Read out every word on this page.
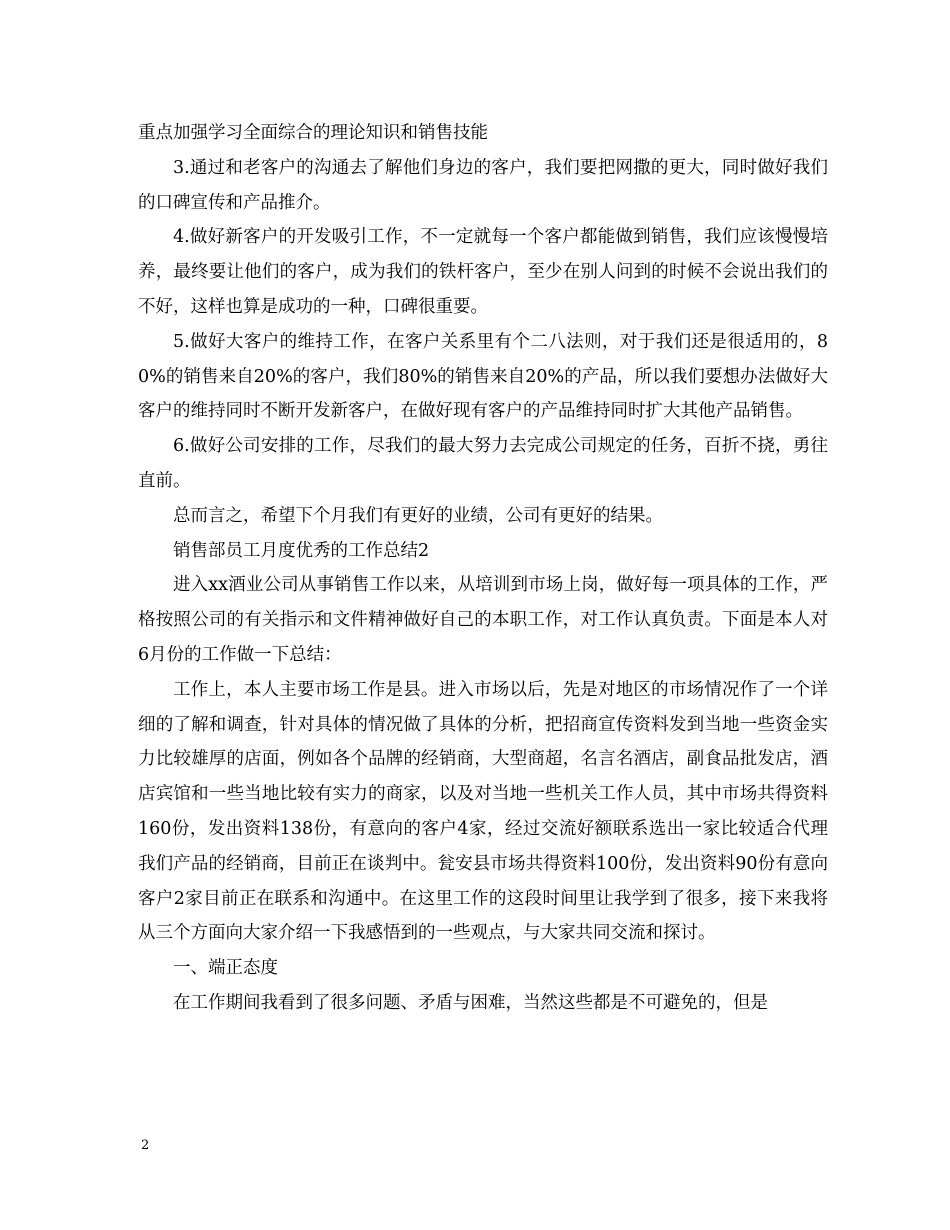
重点加强学习全面综合的理论知识和销售技能

3.通过和老客户的沟通去了解他们身边的客户，我们要把网撒的更大，同时做好我们的口碑宣传和产品推介。

4.做好新客户的开发吸引工作，不一定就每一个客户都能做到销售，我们应该慢慢培养，最终要让他们的客户，成为我们的铁杆客户，至少在别人问到的时候不会说出我们的不好，这样也算是成功的一种，口碑很重要。

5.做好大客户的维持工作，在客户关系里有个二八法则，对于我们还是很适用的，80%的销售来自20%的客户，我们80%的销售来自20%的产品，所以我们要想办法做好大客户的维持同时不断开发新客户，在做好现有客户的产品维持同时扩大其他产品销售。

6.做好公司安排的工作，尽我们的最大努力去完成公司规定的任务，百折不挠，勇往直前。

总而言之，希望下个月我们有更好的业绩，公司有更好的结果。

销售部员工月度优秀的工作总结2

进入xx酒业公司从事销售工作以来，从培训到市场上岗，做好每一项具体的工作，严格按照公司的有关指示和文件精神做好自己的本职工作，对工作认真负责。下面是本人对6月份的工作做一下总结：

工作上，本人主要市场工作是县。进入市场以后，先是对地区的市场情况作了一个详细的了解和调查，针对具体的情况做了具体的分析，把招商宣传资料发到当地一些资金实力比较雄厚的店面，例如各个品牌的经销商，大型商超，名言名酒店，副食品批发店，酒店宾馆和一些当地比较有实力的商家，以及对当地一些机关工作人员，其中市场共得资料160份，发出资料138份，有意向的客户4家，经过交流好额联系选出一家比较适合代理我们产品的经销商，目前正在谈判中。瓮安县市场共得资料100份，发出资料90份有意向客户2家目前正在联系和沟通中。在这里工作的这段时间里让我学到了很多，接下来我将从三个方面向大家介绍一下我感悟到的一些观点，与大家共同交流和探讨。

一、端正态度

在工作期间我看到了很多问题、矛盾与困难，当然这些都是不可避免的，但是

2
